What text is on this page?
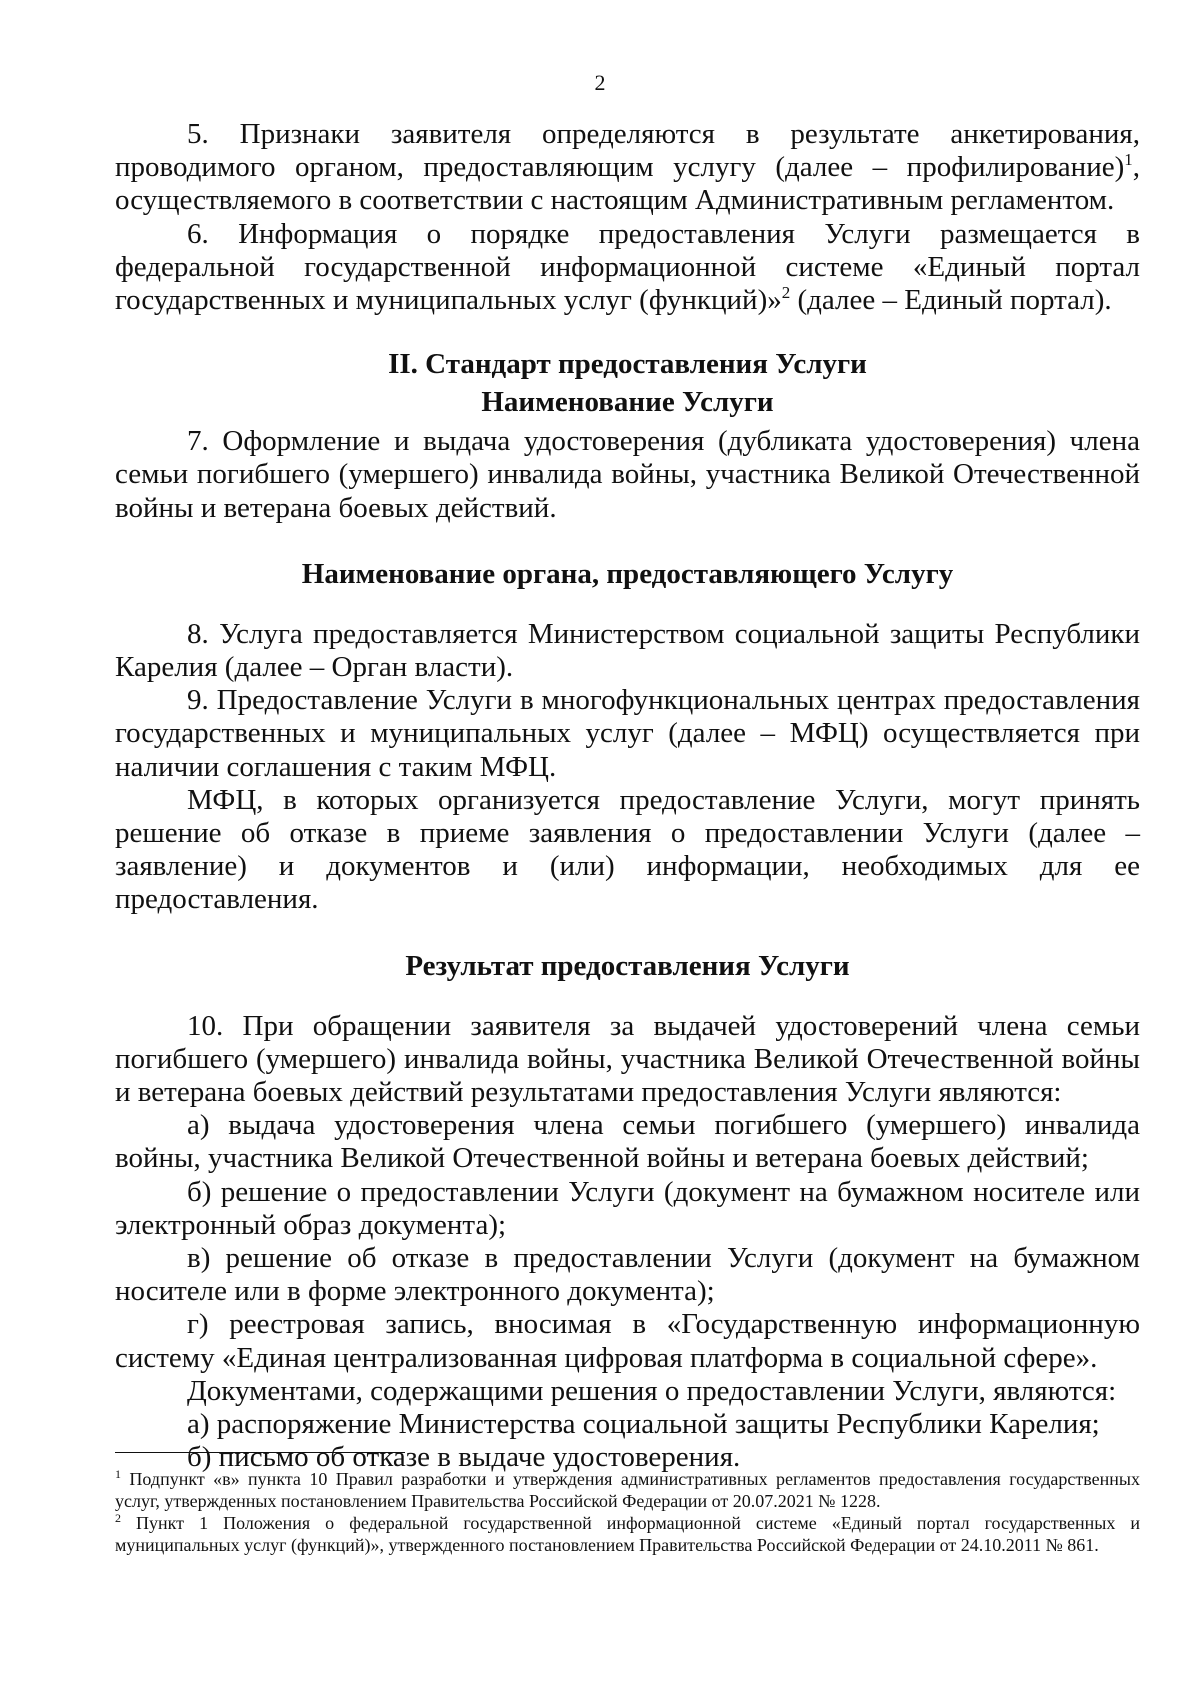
2

5. Признаки заявителя определяются в результате анкетирования, проводимого органом, предоставляющим услугу (далее – профилирование)$^1$, осуществляемого в соответствии с настоящим Административным регламентом.

6. Информация о порядке предоставления Услуги размещается в федеральной государственной информационной системе «Единый портал государственных и муниципальных услуг (функций)»$^2$ (далее – Единый портал).

II. Стандарт предоставления Услуги
Наименование Услуги

7. Оформление и выдача удостоверения (дубликата удостоверения) члена семьи погибшего (умершего) инвалида войны, участника Великой Отечественной войны и ветерана боевых действий.

Наименование органа, предоставляющего Услугу

8. Услуга предоставляется Министерством социальной защиты Республики Карелия (далее – Орган власти).

9. Предоставление Услуги в многофункциональных центрах предоставления государственных и муниципальных услуг (далее – МФЦ) осуществляется при наличии соглашения с таким МФЦ.

МФЦ, в которых организуется предоставление Услуги, могут принять решение об отказе в приеме заявления о предоставлении Услуги (далее – заявление) и документов и (или) информации, необходимых для ее предоставления.

Результат предоставления Услуги

10. При обращении заявителя за выдачей удостоверений члена семьи погибшего (умершего) инвалида войны, участника Великой Отечественной войны и ветерана боевых действий результатами предоставления Услуги являются:

а) выдача удостоверения члена семьи погибшего (умершего) инвалида войны, участника Великой Отечественной войны и ветерана боевых действий;

б) решение о предоставлении Услуги (документ на бумажном носителе или электронный образ документа);

в) решение об отказе в предоставлении Услуги (документ на бумажном носителе или в форме электронного документа);

г) реестровая запись, вносимая в «Государственную информационную систему «Единая централизованная цифровая платформа в социальной сфере».

Документами, содержащими решения о предоставлении Услуги, являются:

а) распоряжение Министерства социальной защиты Республики Карелия;

б) письмо об отказе в выдаче удостоверения.

$^1$ Подпункт «в» пункта 10 Правил разработки и утверждения административных регламентов предоставления государственных услуг, утвержденных постановлением Правительства Российской Федерации от 20.07.2021 № 1228.

$^2$ Пункт 1 Положения о федеральной государственной информационной системе «Единый портал государственных и муниципальных услуг (функций)», утвержденного постановлением Правительства Российской Федерации от 24.10.2011 № 861.
